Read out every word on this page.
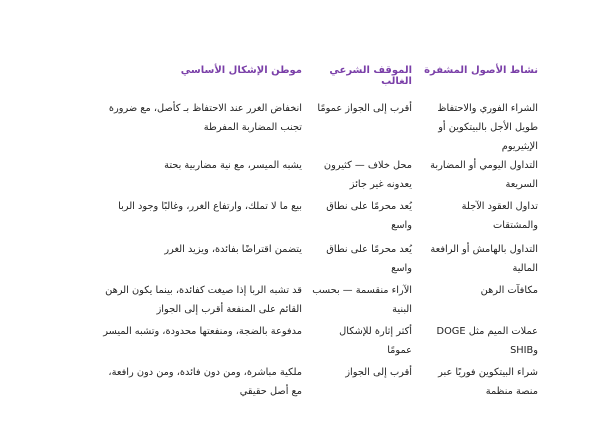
نشاط الأصول المشفرة	الموقف الشرعي الغالب	موطن الإشكال الأساسي
الشراء الفوري والاحتفاظ طويل الأجل بالبيتكوين أو الإيثيريوم	أقرب إلى الجواز عمومًا	انخفاض الغرر عند الاحتفاظ بـ كأصل، مع ضرورة تجنب المضاربة المفرطة
التداول اليومي أو المضاربة السريعة	محل خلاف — كثيرون يعدونه غير جائز	يشبه الميسر، مع نية مضاربية بحتة
تداول العقود الآجلة والمشتقات	يُعد محرمًا على نطاق واسع	بيع ما لا تملك، وارتفاع الغرر، وغالبًا وجود الربا
التداول بالهامش أو الرافعة المالية	يُعد محرمًا على نطاق واسع	يتضمن اقتراضًا بفائدة، ويزيد الغرر
مكافآت الرهن	الآراء منقسمة — بحسب البنية	قد تشبه الربا إذا صيغت كفائدة، بينما يكون الرهن القائم على المنفعة أقرب إلى الجواز
عملات الميم مثل DOGE وSHIB	أكثر إثارة للإشكال عمومًا	مدفوعة بالضجة، ومنفعتها محدودة، وتشبه الميسر
شراء البيتكوين فوريًا عبر منصة منظمة	أقرب إلى الجواز	ملكية مباشرة، ومن دون فائدة، ومن دون رافعة، مع أصل حقيقي
